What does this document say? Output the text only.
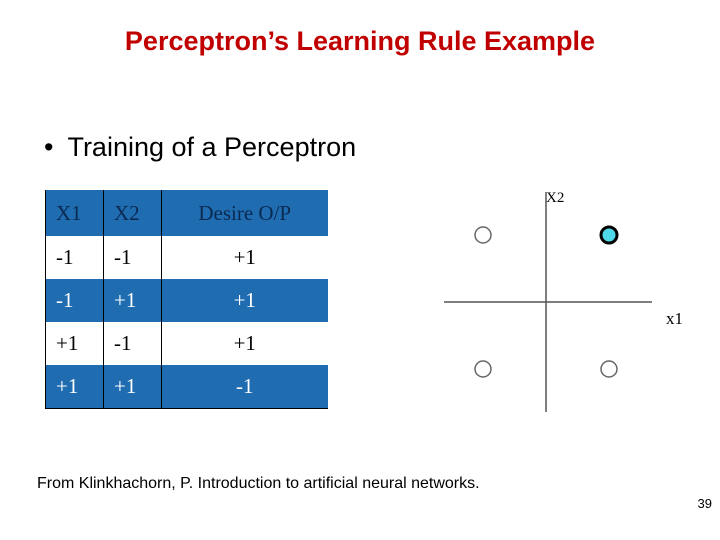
Perceptron’s Learning Rule Example
• Training of a Perceptron
X1	X2	Desire O/P
-1	-1	+1
-1	+1	+1
+1	-1	+1
+1	+1	-1
X2
x1
From Klinkhachorn, P. Introduction to artificial neural networks.
39
